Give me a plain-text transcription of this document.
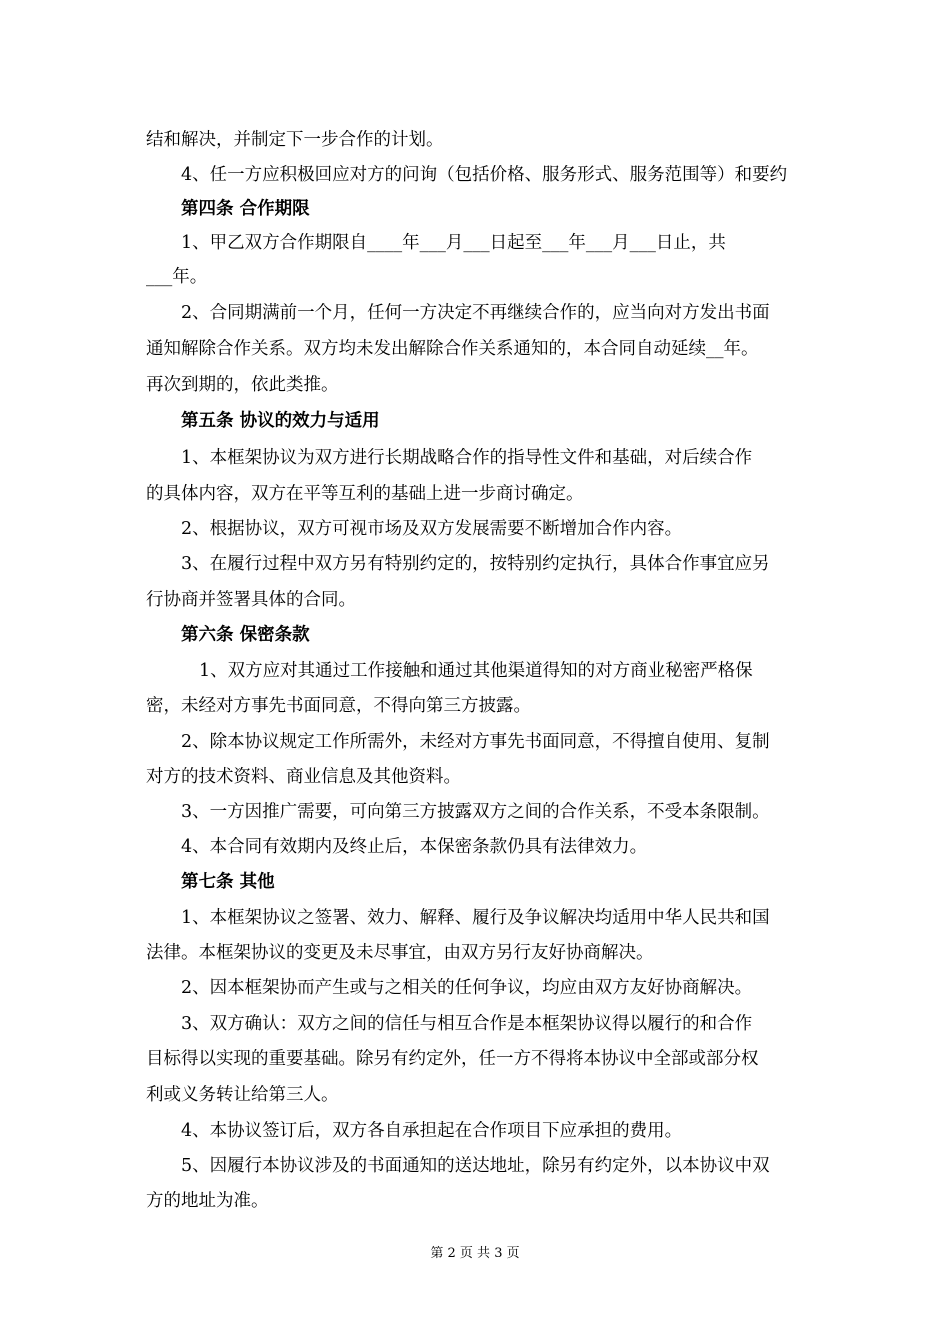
结和解决，并制定下一步合作的计划。
4、任一方应积极回应对方的问询（包括价格、服务形式、服务范围等）和要约
第四条 合作期限
1、甲乙双方合作期限自____年___月___日起至___年___月___日止，共
___年。
2、合同期满前一个月，任何一方决定不再继续合作的，应当向对方发出书面
通知解除合作关系。双方均未发出解除合作关系通知的，本合同自动延续__年。
再次到期的，依此类推。
第五条 协议的效力与适用
1、本框架协议为双方进行长期战略合作的指导性文件和基础，对后续合作
的具体内容，双方在平等互利的基础上进一步商讨确定。
2、根据协议，双方可视市场及双方发展需要不断增加合作内容。
3、在履行过程中双方另有特别约定的，按特别约定执行，具体合作事宜应另
行协商并签署具体的合同。
第六条 保密条款
1、双方应对其通过工作接触和通过其他渠道得知的对方商业秘密严格保
密，未经对方事先书面同意，不得向第三方披露。
2、除本协议规定工作所需外，未经对方事先书面同意，不得擅自使用、复制
对方的技术资料、商业信息及其他资料。
3、一方因推广需要，可向第三方披露双方之间的合作关系，不受本条限制。
4、本合同有效期内及终止后，本保密条款仍具有法律效力。
第七条 其他
1、本框架协议之签署、效力、解释、履行及争议解决均适用中华人民共和国
法律。本框架协议的变更及未尽事宜，由双方另行友好协商解决。
2、因本框架协而产生或与之相关的任何争议，均应由双方友好协商解决。
3、双方确认：双方之间的信任与相互合作是本框架协议得以履行的和合作
目标得以实现的重要基础。除另有约定外，任一方不得将本协议中全部或部分权
利或义务转让给第三人。
4、本协议签订后，双方各自承担起在合作项目下应承担的费用。
5、因履行本协议涉及的书面通知的送达地址，除另有约定外，以本协议中双
方的地址为准。
第 2 页 共 3 页
